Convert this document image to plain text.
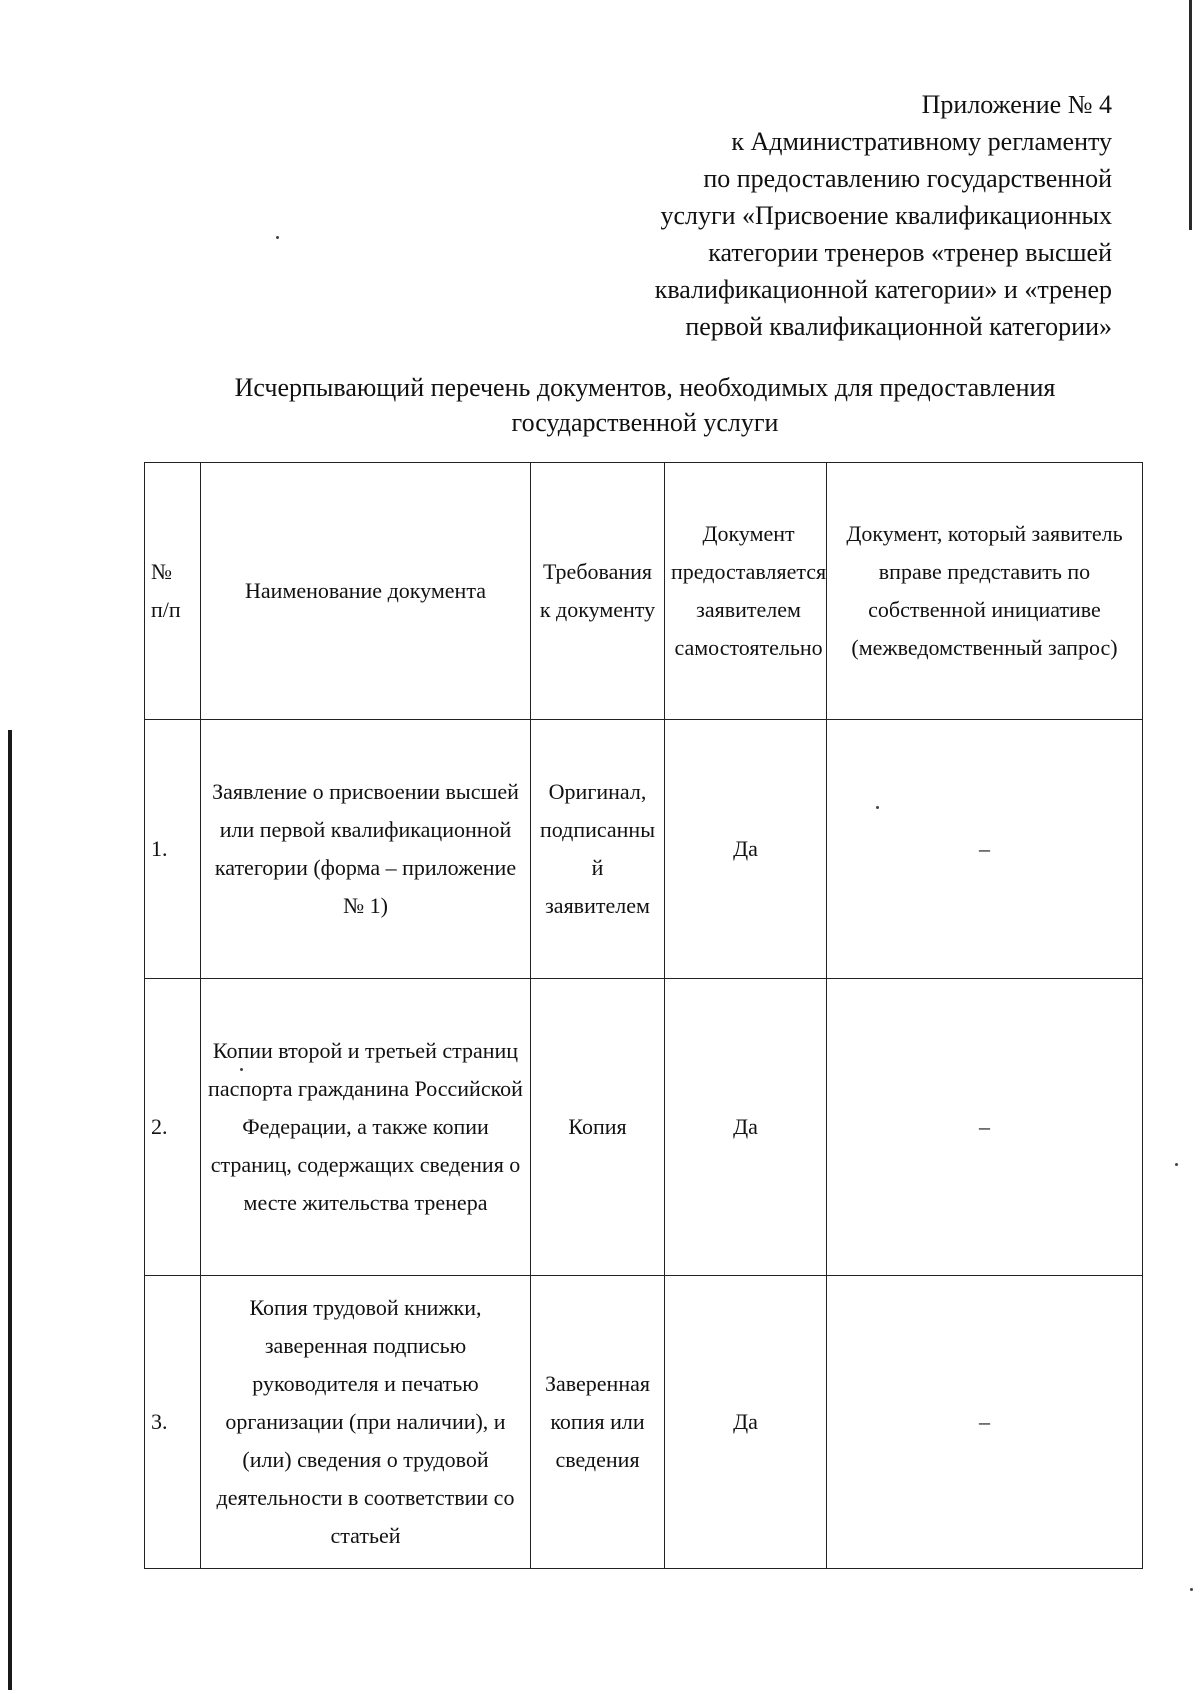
Приложение № 4
к Административному регламенту
по предоставлению государственной
услуги «Присвоение квалификационных
категории тренеров «тренер высшей
квалификационной категории» и «тренер
первой квалификационной категории»
Исчерпывающий перечень документов, необходимых для предоставления
государственной услуги
№ п/п	Наименование документа	Требования к документу	Документ предоставляется заявителем самостоятельно	Документ, который заявитель вправе представить по собственной инициативе (межведомственный запрос)
1.	Заявление о присвоении высшей или первой квалификационной категории (форма – приложение № 1)	Оригинал, подписанный заявителем	Да	–
2.	Копии второй и третьей страниц паспорта гражданина Российской Федерации, а также копии страниц, содержащих сведения о месте жительства тренера	Копия	Да	–
3.	Копия трудовой книжки, заверенная подписью руководителя и печатью организации (при наличии), и (или) сведения о трудовой деятельности в соответствии со статьей	Заверенная копия или сведения	Да	–
